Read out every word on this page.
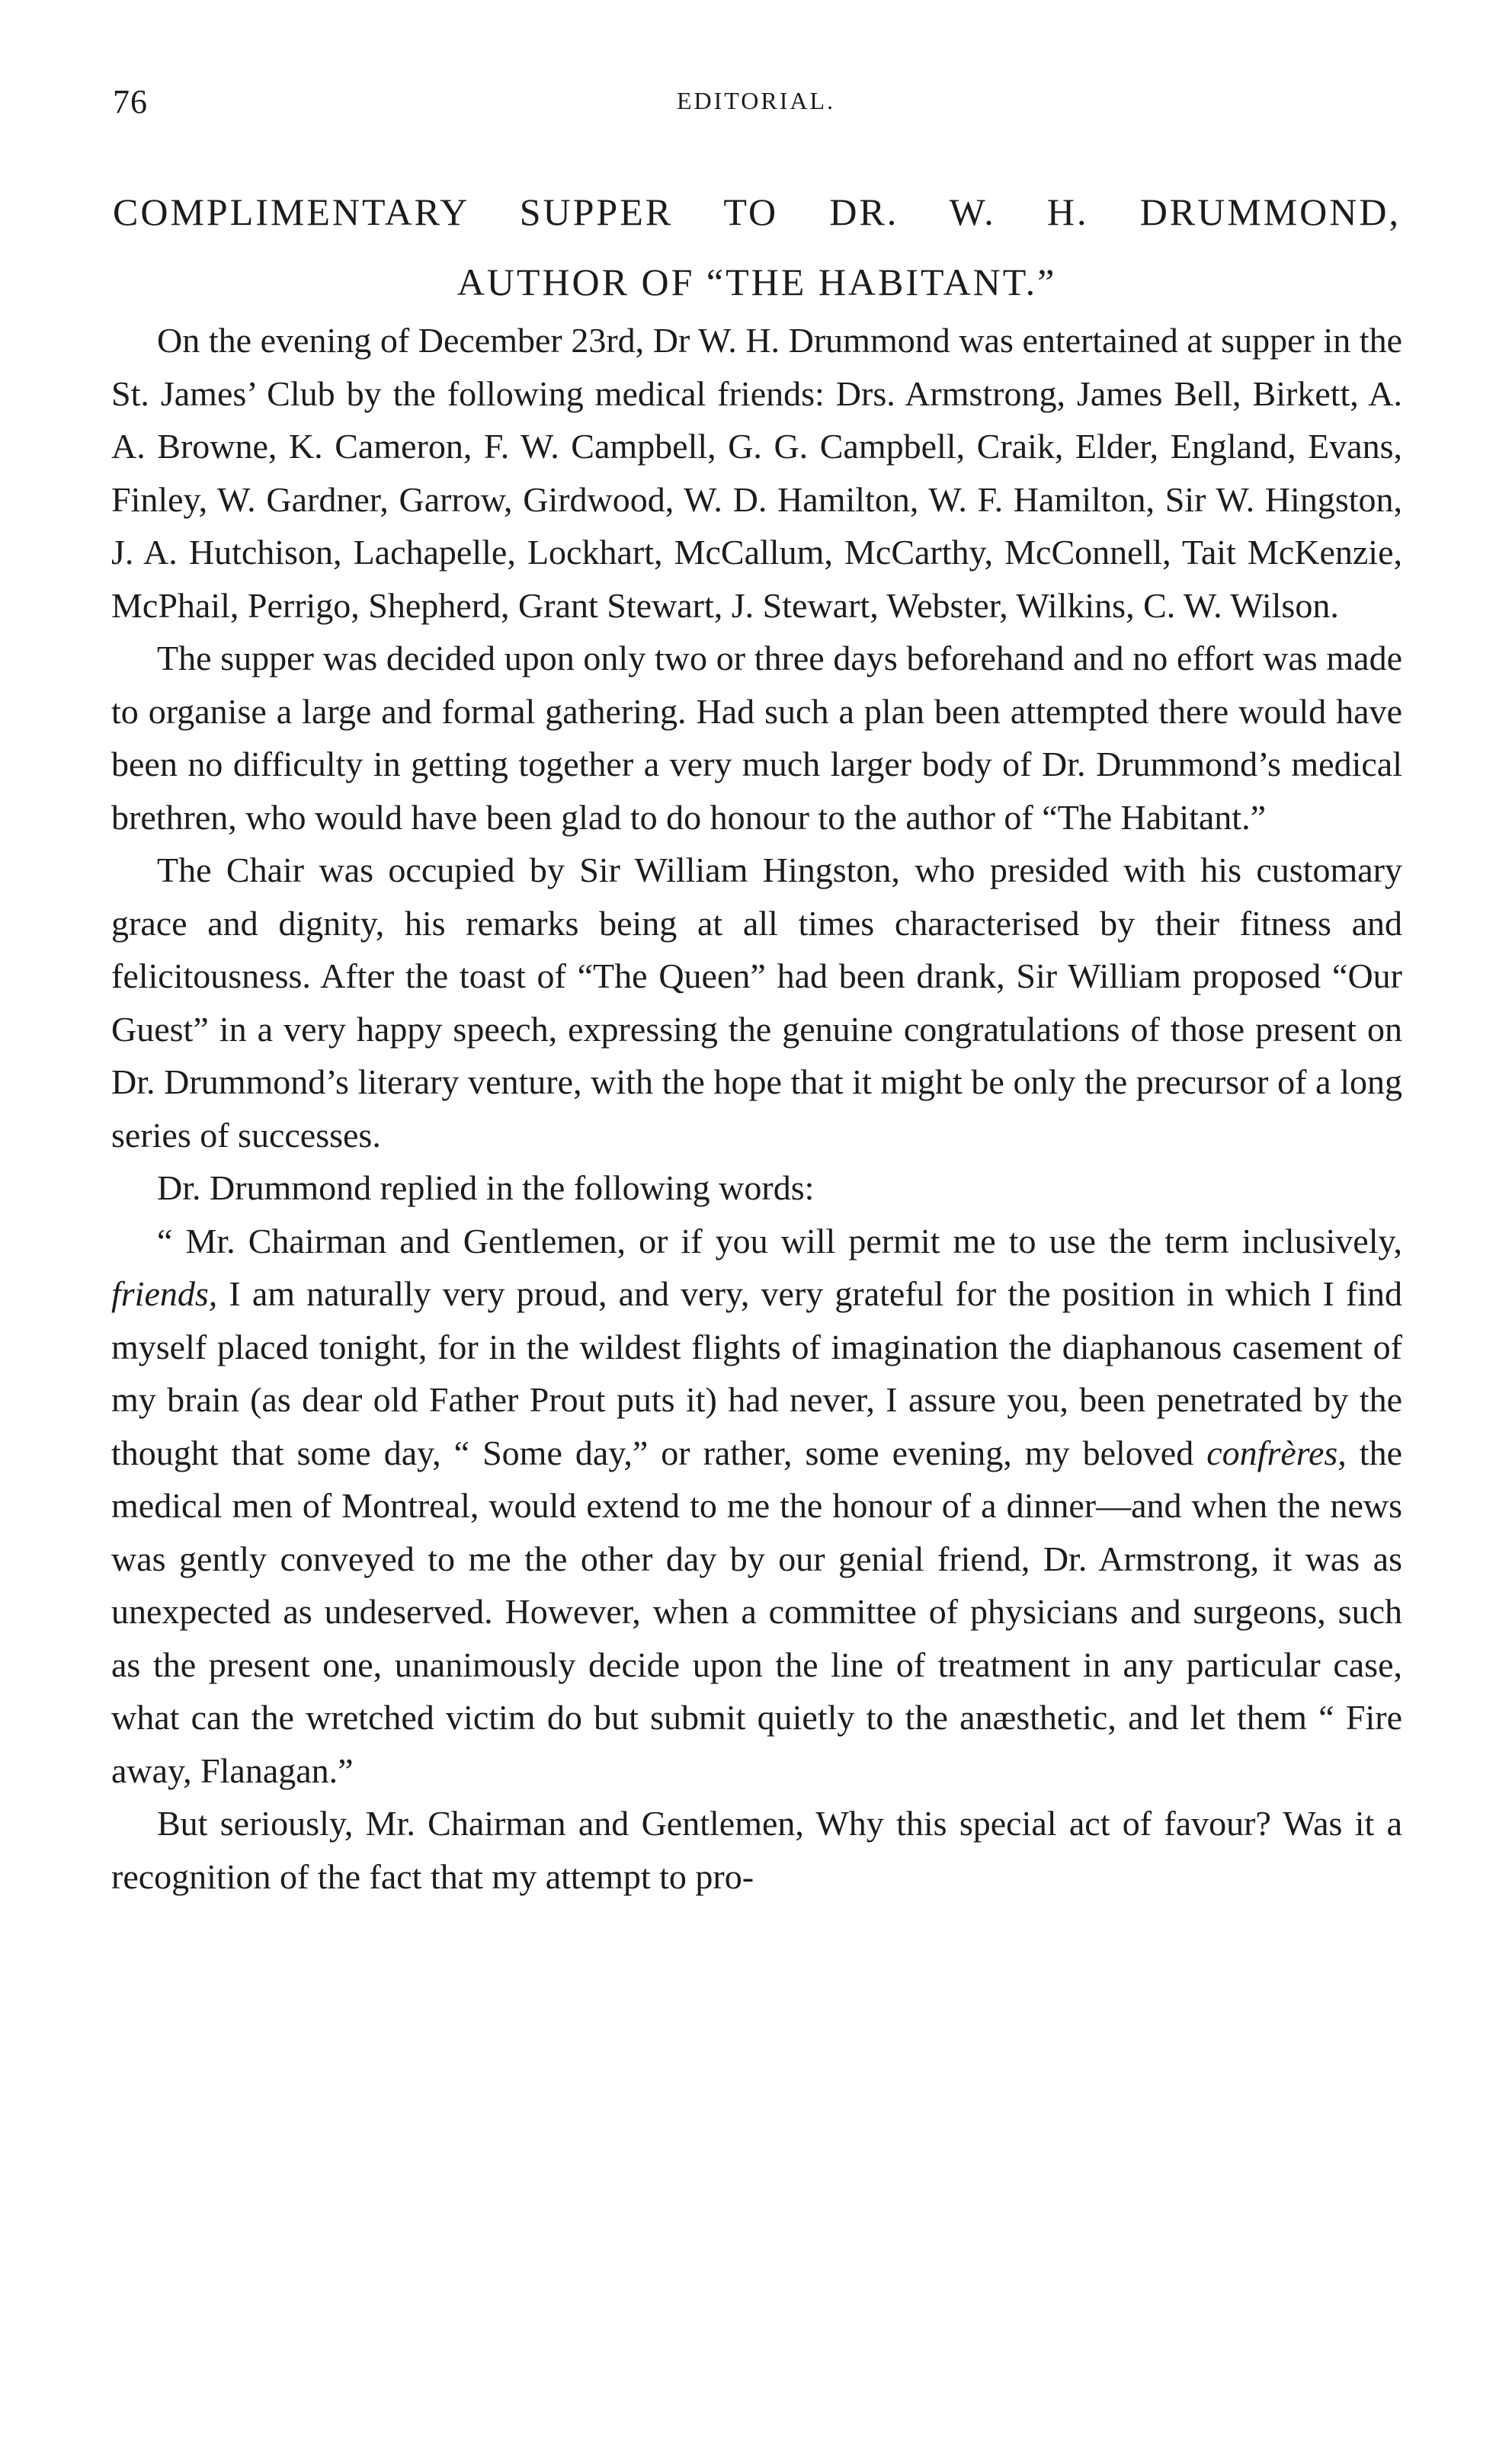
76	EDITORIAL.
COMPLIMENTARY SUPPER TO DR. W. H. DRUMMOND,
AUTHOR OF “THE HABITANT.”

On the evening of December 23rd, Dr W. H. Drummond was entertained at supper in the St. James’ Club by the following medical friends: Drs. Armstrong, James Bell, Birkett, A. A. Browne, K. Cameron, F. W. Campbell, G. G. Campbell, Craik, Elder, England, Evans, Finley, W. Gardner, Garrow, Girdwood, W. D. Hamilton, W. F. Hamilton, Sir W. Hingston, J. A. Hutchison, Lachapelle, Lockhart, McCallum, McCarthy, McConnell, Tait McKenzie, McPhail, Perrigo, Shepherd, Grant Stewart, J. Stewart, Webster, Wilkins, C. W. Wilson.

The supper was decided upon only two or three days beforehand and no effort was made to organise a large and formal gathering. Had such a plan been attempted there would have been no difficulty in getting together a very much larger body of Dr. Drummond’s medical brethren, who would have been glad to do honour to the author of “The Habitant.”

The Chair was occupied by Sir William Hingston, who presided with his customary grace and dignity, his remarks being at all times characterised by their fitness and felicitousness. After the toast of “The Queen” had been drank, Sir William proposed “Our Guest” in a very happy speech, expressing the genuine congratulations of those present on Dr. Drummond’s literary venture, with the hope that it might be only the precursor of a long series of successes.

Dr. Drummond replied in the following words:

“ Mr. Chairman and Gentlemen, or if you will permit me to use the term inclusively, friends, I am naturally very proud, and very, very grateful for the position in which I find myself placed tonight, for in the wildest flights of imagination the diaphanous casement of my brain (as dear old Father Prout puts it) had never, I assure you, been penetrated by the thought that some day, “ Some day,” or rather, some evening, my beloved confrères, the medical men of Montreal, would extend to me the honour of a dinner—and when the news was gently conveyed to me the other day by our genial friend, Dr. Armstrong, it was as unexpected as undeserved. However, when a committee of physicians and surgeons, such as the present one, unanimously decide upon the line of treatment in any particular case, what can the wretched victim do but submit quietly to the anæsthetic, and let them “ Fire away, Flanagan.”

But seriously, Mr. Chairman and Gentlemen, Why this special act of favour? Was it a recognition of the fact that my attempt to pro-
